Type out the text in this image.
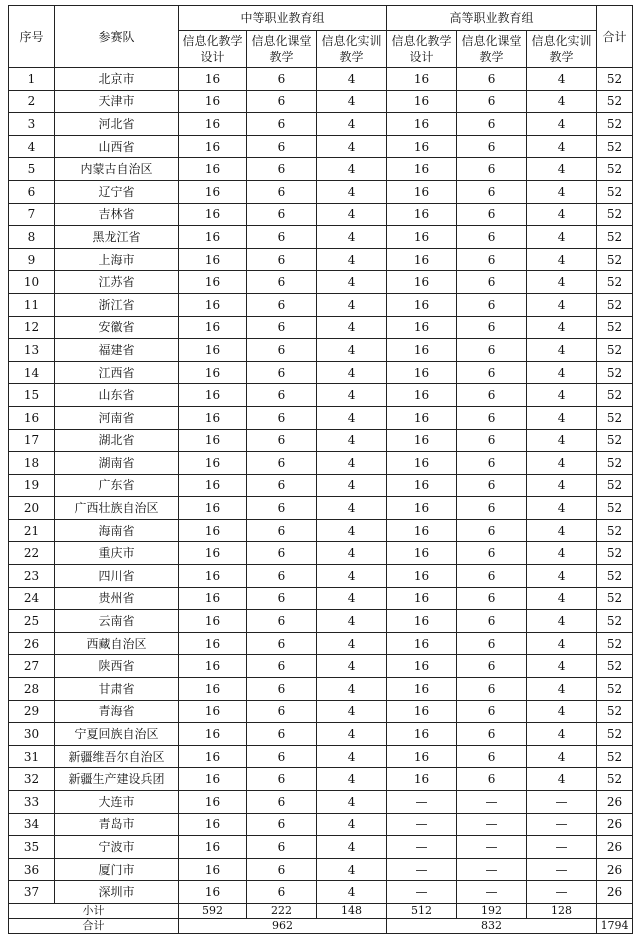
序号	参赛队	中等职业教育组			高等职业教育组			合计
		信息化教学设计	信息化课堂教学	信息化实训教学	信息化教学设计	信息化课堂教学	信息化实训教学	
1	北京市	16	6	4	16	6	4	52
2	天津市	16	6	4	16	6	4	52
3	河北省	16	6	4	16	6	4	52
4	山西省	16	6	4	16	6	4	52
5	内蒙古自治区	16	6	4	16	6	4	52
6	辽宁省	16	6	4	16	6	4	52
7	吉林省	16	6	4	16	6	4	52
8	黑龙江省	16	6	4	16	6	4	52
9	上海市	16	6	4	16	6	4	52
10	江苏省	16	6	4	16	6	4	52
11	浙江省	16	6	4	16	6	4	52
12	安徽省	16	6	4	16	6	4	52
13	福建省	16	6	4	16	6	4	52
14	江西省	16	6	4	16	6	4	52
15	山东省	16	6	4	16	6	4	52
16	河南省	16	6	4	16	6	4	52
17	湖北省	16	6	4	16	6	4	52
18	湖南省	16	6	4	16	6	4	52
19	广东省	16	6	4	16	6	4	52
20	广西壮族自治区	16	6	4	16	6	4	52
21	海南省	16	6	4	16	6	4	52
22	重庆市	16	6	4	16	6	4	52
23	四川省	16	6	4	16	6	4	52
24	贵州省	16	6	4	16	6	4	52
25	云南省	16	6	4	16	6	4	52
26	西藏自治区	16	6	4	16	6	4	52
27	陕西省	16	6	4	16	6	4	52
28	甘肃省	16	6	4	16	6	4	52
29	青海省	16	6	4	16	6	4	52
30	宁夏回族自治区	16	6	4	16	6	4	52
31	新疆维吾尔自治区	16	6	4	16	6	4	52
32	新疆生产建设兵团	16	6	4	16	6	4	52
33	大连市	16	6	4	—	—	—	26
34	青岛市	16	6	4	—	—	—	26
35	宁波市	16	6	4	—	—	—	26
36	厦门市	16	6	4	—	—	—	26
37	深圳市	16	6	4	—	—	—	26
小计		592	222	148	512	192	128	
合计		962			832			1794
